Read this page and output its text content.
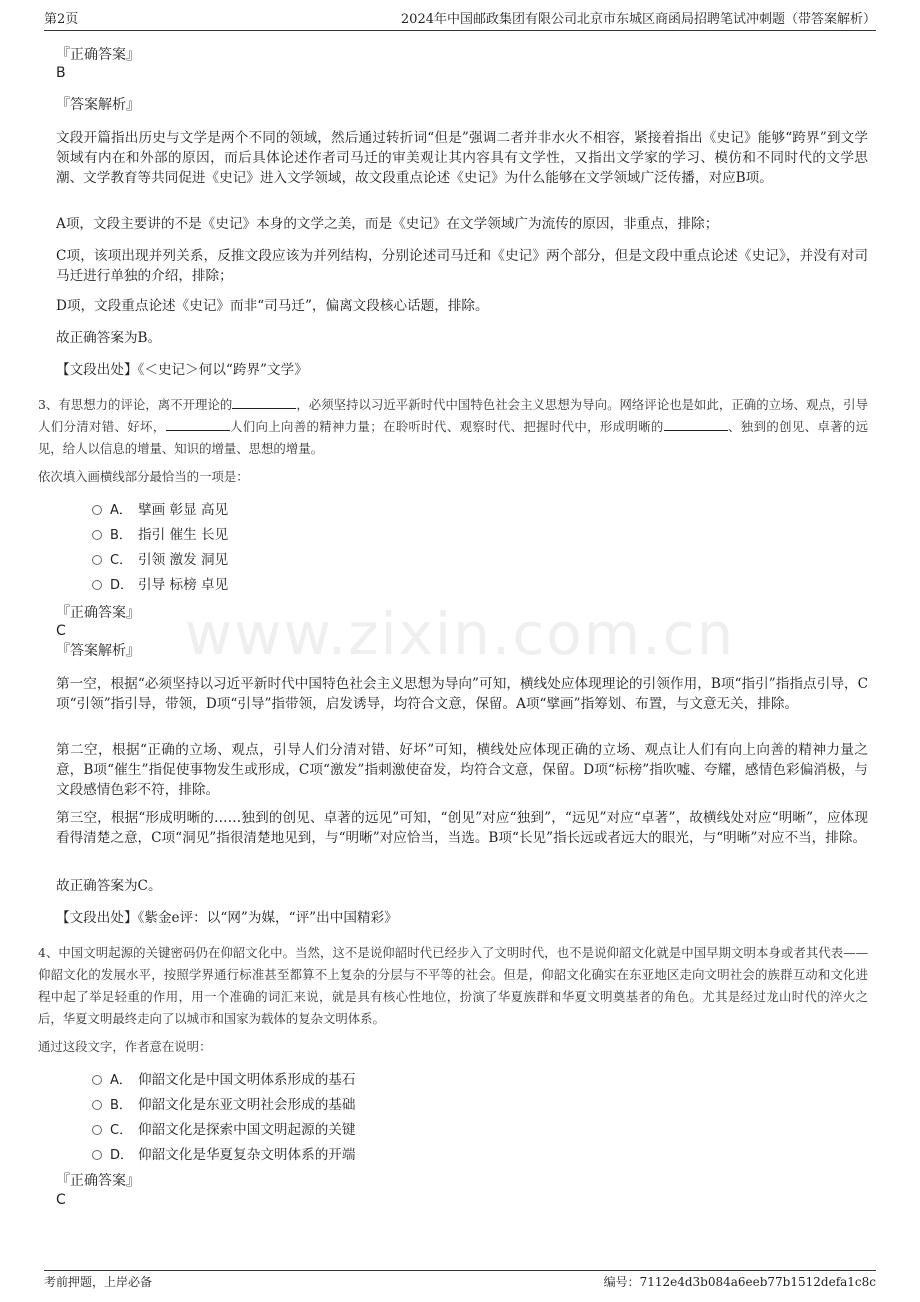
第2页	2024年中国邮政集团有限公司北京市东城区商函局招聘笔试冲刺题（带答案解析）
www.zixin.com.cn
『正确答案』
B
『答案解析』
文段开篇指出历史与文学是两个不同的领域，然后通过转折词“但是”强调二者并非水火不相容，紧接着指出《史记》能够“跨界”到文学领域有内在和外部的原因，而后具体论述作者司马迁的审美观让其内容具有文学性，又指出文学家的学习、模仿和不同时代的文学思潮、文学教育等共同促进《史记》进入文学领域，故文段重点论述《史记》为什么能够在文学领域广泛传播，对应B项。
A项，文段主要讲的不是《史记》本身的文学之美，而是《史记》在文学领域广为流传的原因，非重点，排除；
C项，该项出现并列关系，反推文段应该为并列结构，分别论述司马迁和《史记》两个部分，但是文段中重点论述《史记》，并没有对司马迁进行单独的介绍，排除；
D项，文段重点论述《史记》而非“司马迁”，偏离文段核心话题，排除。
故正确答案为B。
【文段出处】《＜史记＞何以“跨界”文学》
3、有思想力的评论，离不开理论的	，必须坚持以习近平新时代中国特色社会主义思想为导向。网络评论也是如此，正确的立场、观点，引导人们分清对错、好坏，	人们向上向善的精神力量；在聆听时代、观察时代、把握时代中，形成明晰的	、独到的创见、卓著的远见，给人以信息的增量、知识的增量、思想的增量。
依次填入画横线部分最恰当的一项是：
A． 擘画 彰显 高见
B． 指引 催生 长见
C． 引领 激发 洞见
D． 引导 标榜 卓见
『正确答案』
C
『答案解析』
第一空，根据“必须坚持以习近平新时代中国特色社会主义思想为导向”可知，横线处应体现理论的引领作用，B项“指引”指指点引导，C项“引领”指引导，带领，D项“引导”指带领，启发诱导，均符合文意，保留。A项“擘画”指筹划、布置，与文意无关，排除。
第二空，根据“正确的立场、观点，引导人们分清对错、好坏”可知，横线处应体现正确的立场、观点让人们有向上向善的精神力量之意，B项“催生”指促使事物发生或形成，C项“激发”指刺激使奋发，均符合文意，保留。D项“标榜”指吹嘘、夸耀，感情色彩偏消极，与文段感情色彩不符，排除。
第三空，根据“形成明晰的……独到的创见、卓著的远见”可知，“创见”对应“独到”，“远见”对应“卓著”，故横线处对应“明晰”，应体现看得清楚之意，C项“洞见”指很清楚地见到，与“明晰”对应恰当，当选。B项“长见”指长远或者远大的眼光，与“明晰”对应不当，排除。
故正确答案为C。
【文段出处】《紫金e评：以“网”为媒，“评”出中国精彩》
4、中国文明起源的关键密码仍在仰韶文化中。当然，这不是说仰韶时代已经步入了文明时代，也不是说仰韶文化就是中国早期文明本身或者其代表——仰韶文化的发展水平，按照学界通行标准甚至都算不上复杂的分层与不平等的社会。但是，仰韶文化确实在东亚地区走向文明社会的族群互动和文化进程中起了举足轻重的作用，用一个准确的词汇来说，就是具有核心性地位，扮演了华夏族群和华夏文明奠基者的角色。尤其是经过龙山时代的淬火之后，华夏文明最终走向了以城市和国家为载体的复杂文明体系。
通过这段文字，作者意在说明：
A． 仰韶文化是中国文明体系形成的基石
B． 仰韶文化是东亚文明社会形成的基础
C． 仰韶文化是探索中国文明起源的关键
D． 仰韶文化是华夏复杂文明体系的开端
『正确答案』
C
考前押题，上岸必备	编号：7112e4d3b084a6eeb77b1512defa1c8c
